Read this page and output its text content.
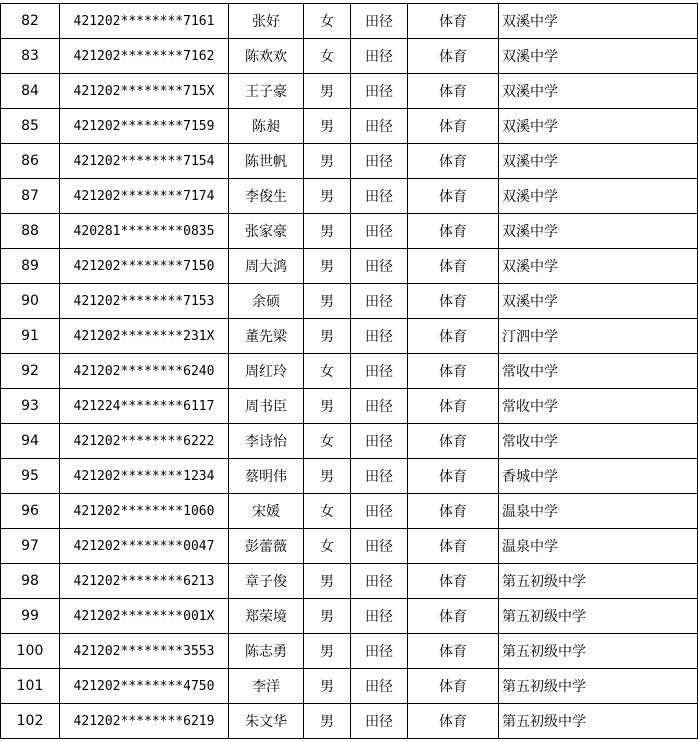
82	421202********7161	张好	女	田径	体育	双溪中学
83	421202********7162	陈欢欢	女	田径	体育	双溪中学
84	421202********715X	王子豪	男	田径	体育	双溪中学
85	421202********7159	陈昶	男	田径	体育	双溪中学
86	421202********7154	陈世帆	男	田径	体育	双溪中学
87	421202********7174	李俊生	男	田径	体育	双溪中学
88	420281********0835	张家豪	男	田径	体育	双溪中学
89	421202********7150	周大鸿	男	田径	体育	双溪中学
90	421202********7153	余硕	男	田径	体育	双溪中学
91	421202********231X	董先梁	男	田径	体育	汀泗中学
92	421202********6240	周红玲	女	田径	体育	常收中学
93	421224********6117	周书臣	男	田径	体育	常收中学
94	421202********6222	李诗怡	女	田径	体育	常收中学
95	421202********1234	蔡明伟	男	田径	体育	香城中学
96	421202********1060	宋媛	女	田径	体育	温泉中学
97	421202********0047	彭蕾薇	女	田径	体育	温泉中学
98	421202********6213	章子俊	男	田径	体育	第五初级中学
99	421202********001X	郑荣境	男	田径	体育	第五初级中学
100	421202********3553	陈志勇	男	田径	体育	第五初级中学
101	421202********4750	李洋	男	田径	体育	第五初级中学
102	421202********6219	朱文华	男	田径	体育	第五初级中学
